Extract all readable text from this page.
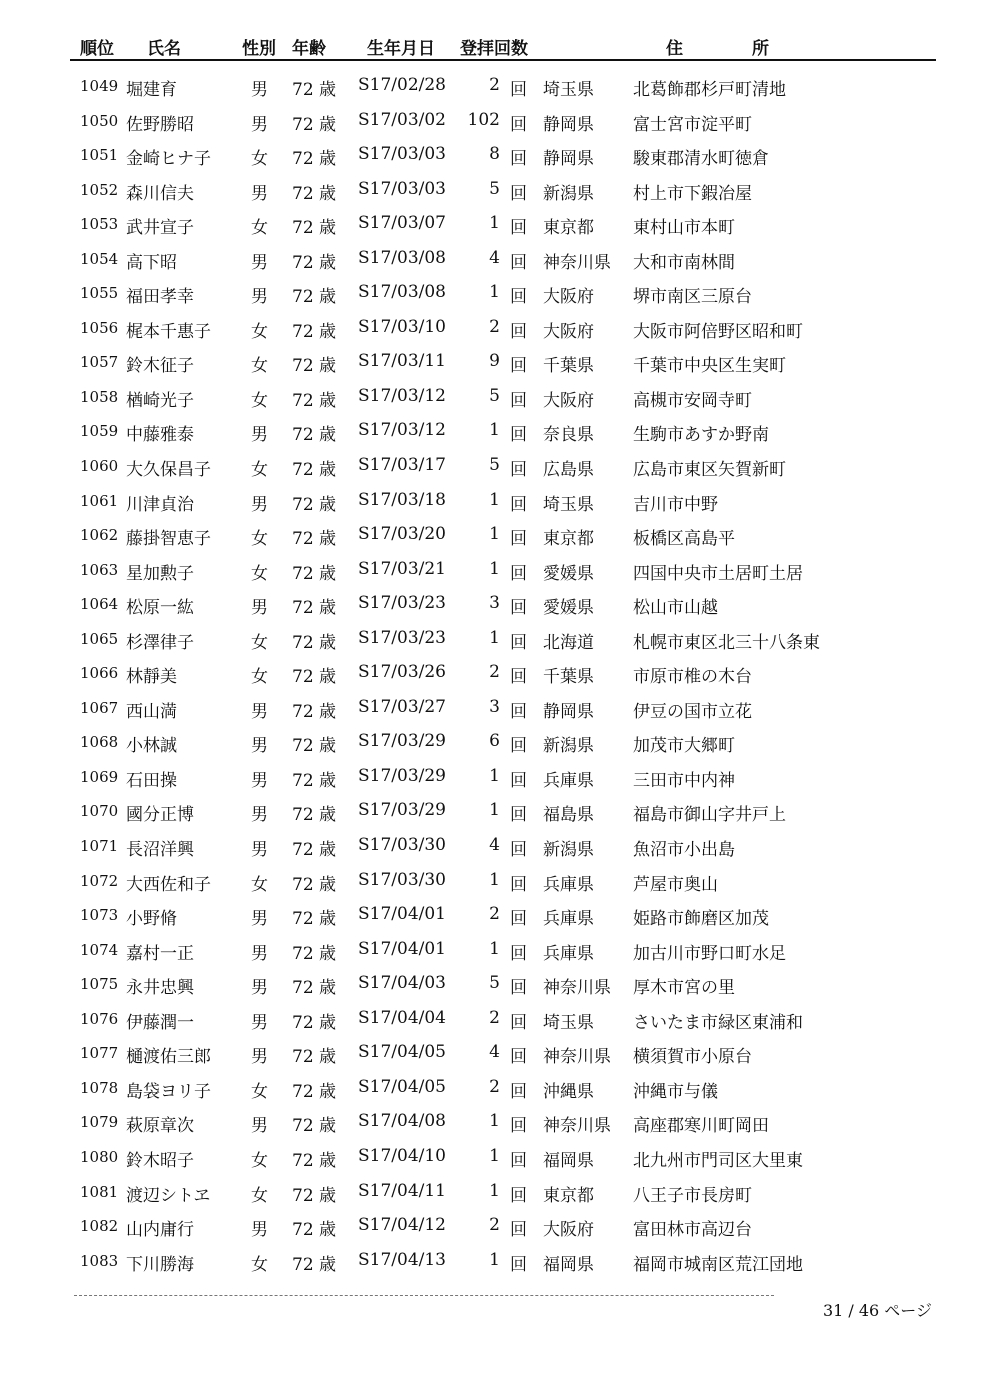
順位 氏名	性別 年齢 生年月日 登拝回数	住	所
1049 堀建育	男 72 歳 S17/02/28	2 回 埼玉県 北葛飾郡杉戸町清地
1050 佐野勝昭	男 72 歳 S17/03/02	102 回 静岡県 富士宮市淀平町
1051 金崎ヒナ子 女 72 歳 S17/03/03	8 回 静岡県 駿東郡清水町徳倉
1052 森川信夫	男 72 歳 S17/03/03	5 回 新潟県 村上市下鍜冶屋
1053 武井宣子	女 72 歳 S17/03/07	1 回 東京都 東村山市本町
1054 高下昭	男 72 歳 S17/03/08	4 回 神奈川県 大和市南林間
1055 福田孝幸	男 72 歳 S17/03/08	1 回 大阪府 堺市南区三原台
1056 梶本千惠子 女 72 歳 S17/03/10	2 回 大阪府 大阪市阿倍野区昭和町
1057 鈴木征子	女 72 歳 S17/03/11	9 回 千葉県 千葉市中央区生実町
1058 楢崎光子	女 72 歳 S17/03/12	5 回 大阪府 高槻市安岡寺町
1059 中藤雅泰	男 72 歳 S17/03/12	1 回 奈良県 生駒市あすか野南
1060 大久保昌子 女 72 歳 S17/03/17	5 回 広島県 広島市東区矢賀新町
1061 川津貞治	男 72 歳 S17/03/18	1 回 埼玉県 吉川市中野
1062 藤掛智恵子 女 72 歳 S17/03/20	1 回 東京都 板橋区高島平
1063 星加勲子	女 72 歳 S17/03/21	1 回 愛媛県 四国中央市土居町土居
1064 松原一紘	男 72 歳 S17/03/23	3 回 愛媛県 松山市山越
1065 杉澤律子	女 72 歳 S17/03/23	1 回 北海道 札幌市東区北三十八条東
1066 林靜美	女 72 歳 S17/03/26	2 回 千葉県 市原市椎の木台
1067 西山満	男 72 歳 S17/03/27	3 回 静岡県 伊豆の国市立花
1068 小林誠	男 72 歳 S17/03/29	6 回 新潟県 加茂市大郷町
1069 石田操	男 72 歳 S17/03/29	1 回 兵庫県 三田市中内神
1070 國分正博	男 72 歳 S17/03/29	1 回 福島県 福島市御山字井戸上
1071 長沼洋興	男 72 歳 S17/03/30	4 回 新潟県 魚沼市小出島
1072 大西佐和子 女 72 歳 S17/03/30	1 回 兵庫県 芦屋市奥山
1073 小野脩	男 72 歳 S17/04/01	2 回 兵庫県 姫路市飾磨区加茂
1074 嘉村一正	男 72 歳 S17/04/01	1 回 兵庫県 加古川市野口町水足
1075 永井忠興	男 72 歳 S17/04/03	5 回 神奈川県 厚木市宮の里
1076 伊藤潤一	男 72 歳 S17/04/04	2 回 埼玉県 さいたま市緑区東浦和
1077 樋渡佑三郎 男 72 歳 S17/04/05	4 回 神奈川県 横須賀市小原台
1078 島袋ヨリ子 女 72 歳 S17/04/05	2 回 沖縄県 沖縄市与儀
1079 萩原章次	男 72 歳 S17/04/08	1 回 神奈川県 高座郡寒川町岡田
1080 鈴木昭子	女 72 歳 S17/04/10	1 回 福岡県 北九州市門司区大里東
1081 渡辺シトヱ 女 72 歳 S17/04/11	1 回 東京都 八王子市長房町
1082 山内庸行	男 72 歳 S17/04/12	2 回 大阪府 富田林市高辺台
1083 下川勝海	女 72 歳 S17/04/13	1 回 福岡県 福岡市城南区荒江団地
31 / 46 ページ
